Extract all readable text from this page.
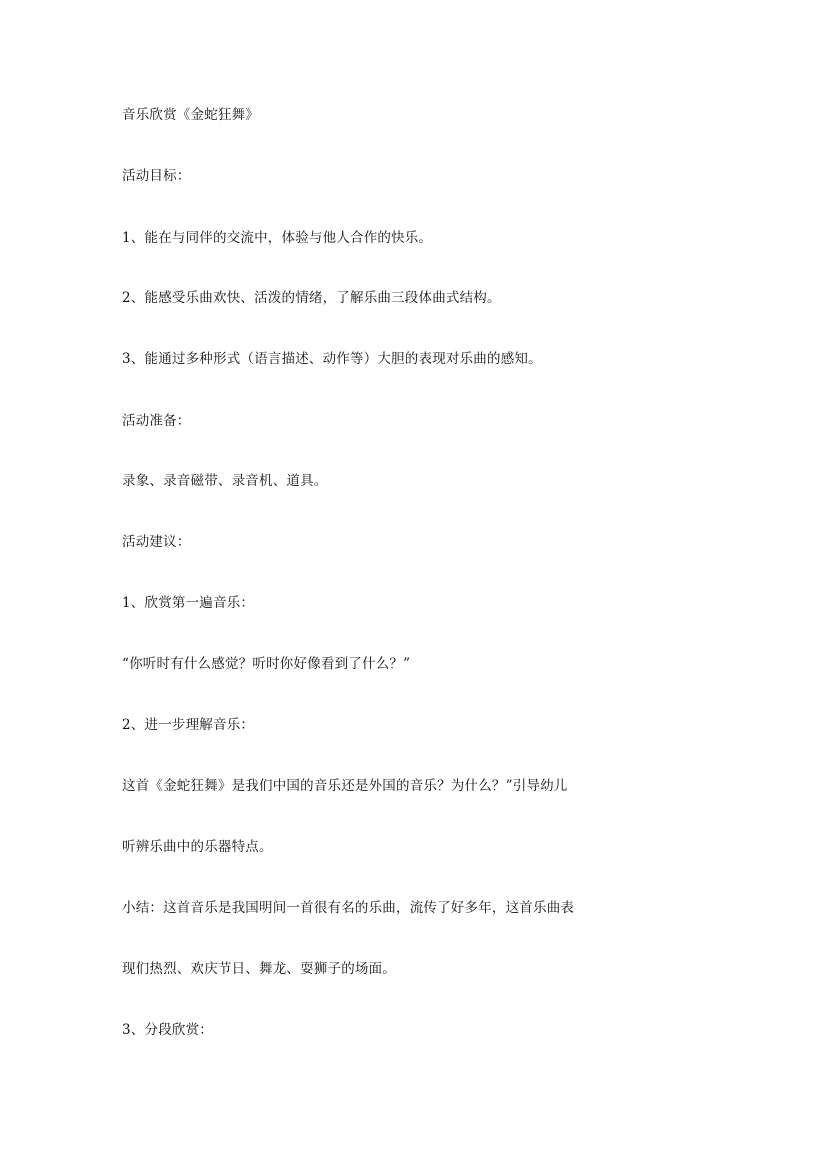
音乐欣赏《金蛇狂舞》

活动目标：

1、能在与同伴的交流中，体验与他人合作的快乐。

2、能感受乐曲欢快、活泼的情绪，了解乐曲三段体曲式结构。

3、能通过多种形式（语言描述、动作等）大胆的表现对乐曲的感知。

活动准备：

录象、录音磁带、录音机、道具。

活动建议：

1、欣赏第一遍音乐：

“你听时有什么感觉？听时你好像看到了什么？”

2、进一步理解音乐：

这首《金蛇狂舞》是我们中国的音乐还是外国的音乐？为什么？”引导幼儿

听辨乐曲中的乐器特点。

小结：这首音乐是我国明间一首很有名的乐曲，流传了好多年，这首乐曲表

现们热烈、欢庆节日、舞龙、耍狮子的场面。

3、分段欣赏：
